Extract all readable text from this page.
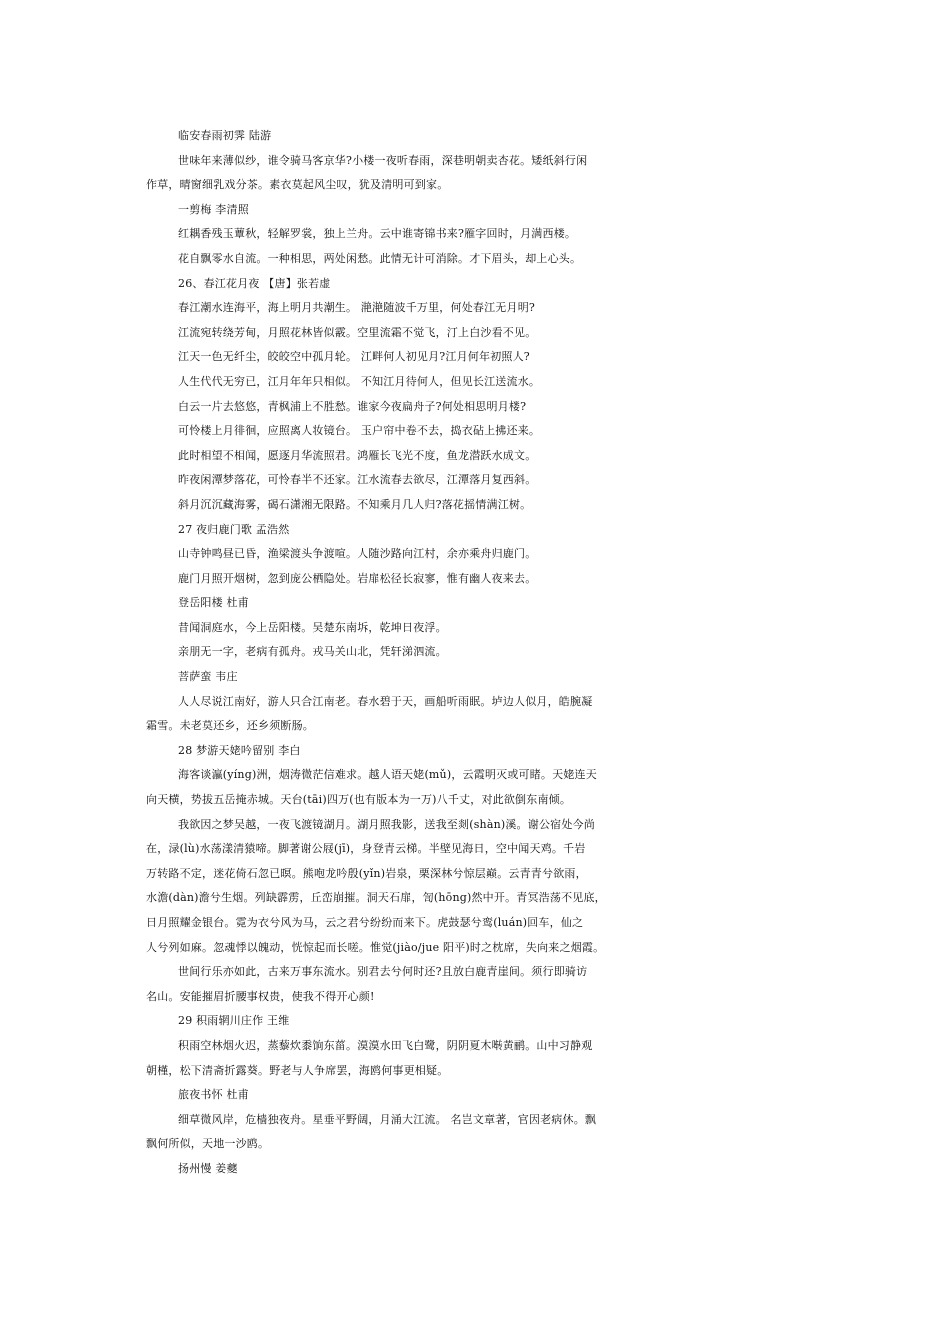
临安春雨初霁 陆游
世味年来薄似纱，谁令骑马客京华?小楼一夜听春雨，深巷明朝卖杏花。矮纸斜行闲
作草，晴窗细乳戏分茶。素衣莫起风尘叹，犹及清明可到家。
一剪梅 李清照
红耦香残玉蕈秋，轻解罗裳，独上兰舟。云中谁寄锦书来?雁字回时，月满西楼。
花自飘零水自流。一种相思，两处闲愁。此情无计可消除。才下眉头，却上心头。
26、春江花月夜 【唐】张若虚
春江潮水连海平，海上明月共潮生。 滟滟随波千万里，何处春江无月明?
江流宛转绕芳甸，月照花林皆似霰。空里流霜不觉飞，汀上白沙看不见。
江天一色无纤尘，皎皎空中孤月轮。 江畔何人初见月?江月何年初照人?
人生代代无穷已，江月年年只相似。 不知江月待何人，但见长江送流水。
白云一片去悠悠，青枫浦上不胜愁。谁家今夜扁舟子?何处相思明月楼?
可怜楼上月徘徊，应照离人妆镜台。 玉户帘中卷不去，捣衣砧上拂还来。
此时相望不相闻，愿逐月华流照君。鸿雁长飞光不度，鱼龙潜跃水成文。
昨夜闲潭梦落花，可怜春半不还家。江水流春去欲尽，江潭落月复西斜。
斜月沉沉藏海雾，碣石潇湘无限路。不知乘月几人归?落花摇情满江树。
27 夜归鹿门歌 孟浩然
山寺钟鸣昼已昏，渔梁渡头争渡喧。人随沙路向江村，余亦乘舟归鹿门。
鹿门月照开烟树，忽到庞公栖隐处。岩扉松径长寂寥，惟有幽人夜来去。
登岳阳楼 杜甫
昔闻洞庭水，今上岳阳楼。吴楚东南坼，乾坤日夜浮。
亲朋无一字，老病有孤舟。戎马关山北，凭轩涕泗流。
菩萨蛮 韦庄
人人尽说江南好，游人只合江南老。春水碧于天，画船听雨眠。垆边人似月，皓腕凝
霜雪。未老莫还乡，还乡须断肠。
28 梦游天姥吟留别 李白
海客谈瀛(yíng)洲，烟涛微茫信难求。越人语天姥(mǔ)，云霞明灭或可睹。天姥连天
向天横，势拔五岳掩赤城。天台(tāi)四万(也有版本为一万)八千丈，对此欲倒东南倾。
我欲因之梦吴越，一夜飞渡镜湖月。湖月照我影，送我至剡(shàn)溪。谢公宿处今尚
在，渌(lù)水荡漾清猿啼。脚著谢公屐(jī)，身登青云梯。半壁见海日，空中闻天鸡。千岩
万转路不定，迷花倚石忽已暝。熊咆龙吟殷(yǐn)岩泉，栗深林兮惊层巅。云青青兮欲雨，
水澹(dàn)澹兮生烟。列缺霹雳，丘峦崩摧。洞天石扉，訇(hōng)然中开。青冥浩荡不见底，
日月照耀金银台。霓为衣兮风为马，云之君兮纷纷而来下。虎鼓瑟兮鸾(luán)回车，仙之
人兮列如麻。忽魂悸以魄动，恍惊起而长嗟。惟觉(jiào/jue 阳平)时之枕席，失向来之烟霞。
世间行乐亦如此，古来万事东流水。别君去兮何时还?且放白鹿青崖间。须行即骑访
名山。安能摧眉折腰事权贵，使我不得开心颜!
29 积雨辋川庄作 王维
积雨空林烟火迟，蒸藜炊黍饷东菑。漠漠水田飞白鹭，阴阴夏木啭黄鹂。山中习静观
朝槿，松下清斋折露葵。野老与人争席罢，海鸥何事更相疑。
旅夜书怀 杜甫
细草微风岸，危樯独夜舟。星垂平野阔，月涌大江流。 名岂文章著，官因老病休。飘
飘何所似，天地一沙鸥。
扬州慢 姜夔
